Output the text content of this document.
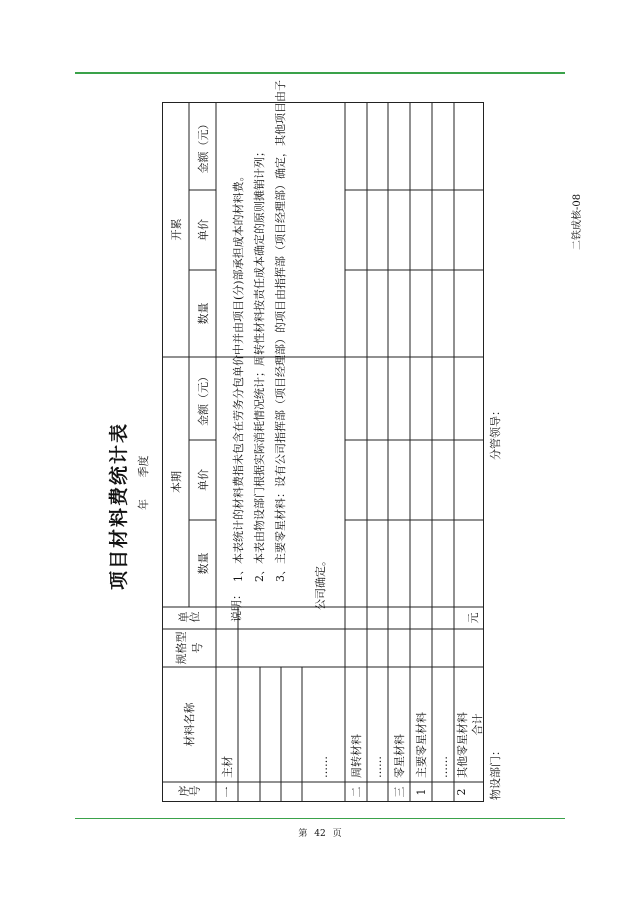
二铁成核-08
项目材料费统计表 年 季度
序号
材料名称
规格型号
单位
本期
开累
数量
单价
金额（元）
数量
单价
金额（元）
一
主材	……
二
周转材料 ……
三
零星材料
1
主要零星材料 ……
2
其他零星材料 合计
元
说明：
1、本表统计的材料费指未包含在劳务分包单价中并由项目(分)部承担成本的材料费。 2、本表由物设部门根据实际消耗情况统计；周转性材料按责任成本确定的原则摊销计列； 3、主要零星材料：设有公司指挥部（项目经理部）的项目由指挥部（项目经理部）确定，其他项目由子
公司确定。
物设部门：
分管领导：
第 42 页
